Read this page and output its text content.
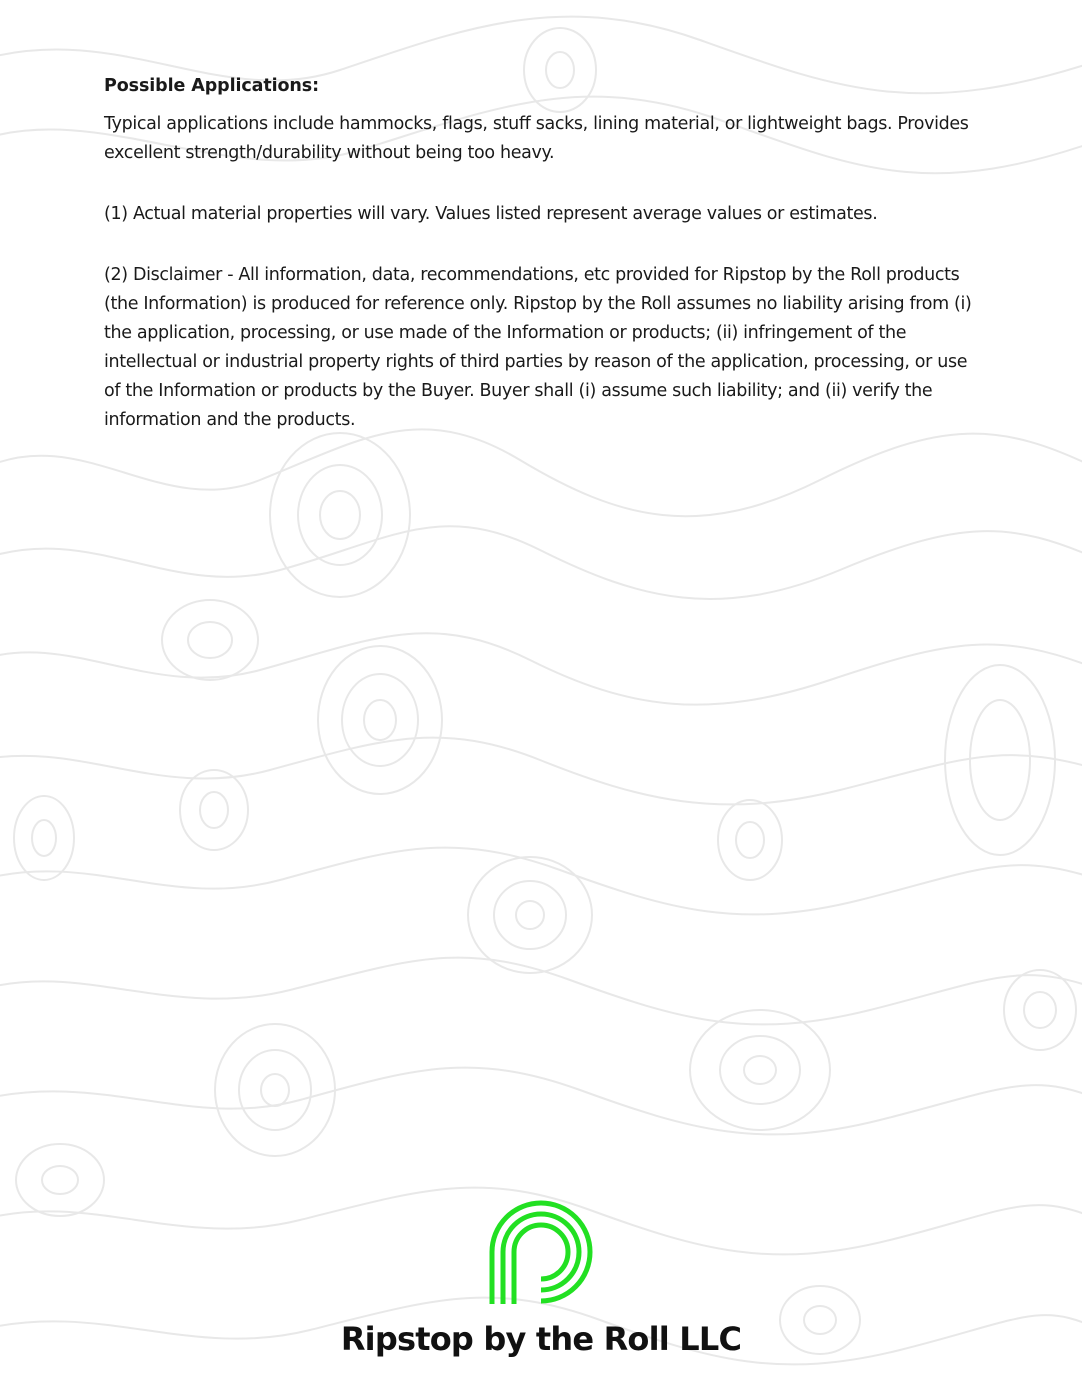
Possible Applications:

Typical applications include hammocks, flags, stuff sacks, lining material, or lightweight bags. Provides excellent strength/durability without being too heavy.

(1) Actual material properties will vary. Values listed represent average values or estimates.

(2) Disclaimer - All information, data, recommendations, etc provided for Ripstop by the Roll products (the Information) is produced for reference only. Ripstop by the Roll assumes no liability arising from (i) the application, processing, or use made of the Information or products; (ii) infringement of the intellectual or industrial property rights of third parties by reason of the application, processing, or use of the Information or products by the Buyer. Buyer shall (i) assume such liability; and (ii) verify the information and the products.

Ripstop by the Roll LLC
